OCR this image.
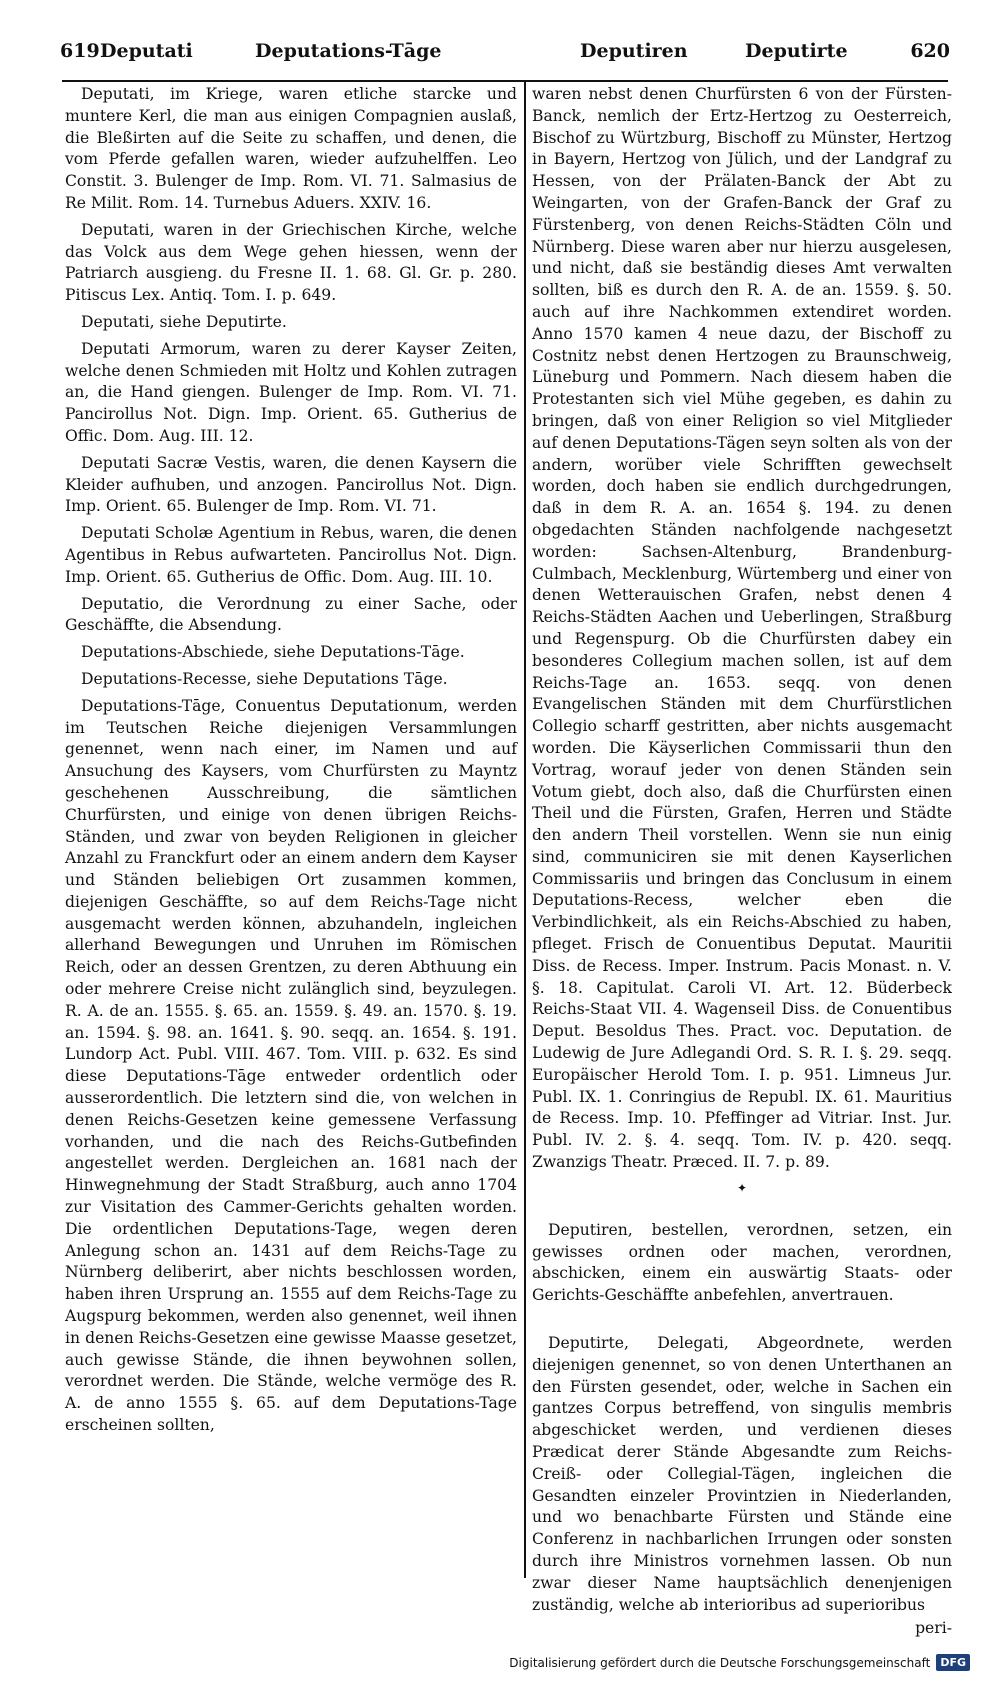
619 Deputati	Deputations-Tāge	Deputiren	Deputirte	620

Deputati, im Kriege, waren etliche starcke und muntere Kerl, die man aus einigen Compagnien auslaß, die Bleßirten auf die Seite zu schaffen, und denen, die vom Pferde gefallen waren, wieder aufzuhelffen. Leo Constit. 3. Bulenger de Imp. Rom. VI. 71. Salmasius de Re Milit. Rom. 14. Turnebus Aduers. XXIV. 16.

Deputati, waren in der Griechischen Kirche, welche das Volck aus dem Wege gehen hiessen, wenn der Patriarch ausgieng. du Fresne II. 1. 68. Gl. Gr. p. 280. Pitiscus Lex. Antiq. Tom. I. p. 649.

Deputati, siehe Deputirte.

Deputati Armorum, waren zu derer Kayser Zeiten, welche denen Schmieden mit Holtz und Kohlen zutragen an, die Hand giengen. Bulenger de Imp. Rom. VI. 71. Pancirollus Not. Dign. Imp. Orient. 65. Gutherius de Offic. Dom. Aug. III. 12.

Deputati Sacræ Vestis, waren, die denen Kaysern die Kleider aufhuben, und anzogen. Pancirollus Not. Dign. Imp. Orient. 65. Bulenger de Imp. Rom. VI. 71.

Deputati Scholæ Agentium in Rebus, waren, die denen Agentibus in Rebus aufwarteten. Pancirollus Not. Dign. Imp. Orient. 65. Gutherius de Offic. Dom. Aug. III. 10.

Deputatio, die Verordnung zu einer Sache, oder Geschäffte, die Absendung.

Deputations-Abschiede, siehe Deputations-Tāge.

Deputations-Recesse, siehe Deputations Tāge.

Deputations-Tāge, Conuentus Deputationum, werden im Teutschen Reiche diejenigen Versammlungen genennet, wenn nach einer, im Namen und auf Ansuchung des Kaysers, vom Churfürsten zu Mayntz geschehenen Ausschreibung, die sämtlichen Churfürsten, und einige von denen übrigen Reichs-Ständen, und zwar von beyden Religionen in gleicher Anzahl zu Franckfurt oder an einem andern dem Kayser und Ständen beliebigen Ort zusammen kommen, diejenigen Geschäffte, so auf dem Reichs-Tage nicht ausgemacht werden können, abzuhandeln, ingleichen allerhand Bewegungen und Unruhen im Römischen Reich, oder an dessen Grentzen, zu deren Abthuung ein oder mehrere Creise nicht zulänglich sind, beyzulegen. R. A. de an. 1555. §. 65. an. 1559. §. 49. an. 1570. §. 19. an. 1594. §. 98. an. 1641. §. 90. seqq. an. 1654. §. 191. Lundorp Act. Publ. VIII. 467. Tom. VIII. p. 632. Es sind diese Deputations-Tāge entweder ordentlich oder ausserordentlich. Die letztern sind die, von welchen in denen Reichs-Gesetzen keine gemessene Verfassung vorhanden, und die nach des Reichs-Gutbefinden angestellet werden. Dergleichen an. 1681 nach der Hinwegnehmung der Stadt Straßburg, auch anno 1704 zur Visitation des Cammer-Gerichts gehalten worden. Die ordentlichen Deputations-Tage, wegen deren Anlegung schon an. 1431 auf dem Reichs-Tage zu Nürnberg deliberirt, aber nichts beschlossen worden, haben ihren Ursprung an. 1555 auf dem Reichs-Tage zu Augspurg bekommen, werden also genennet, weil ihnen in denen Reichs-Gesetzen eine gewisse Maasse gesetzet, auch gewisse Stände, die ihnen beywohnen sollen, verordnet werden. Die Stände, welche vermöge des R. A. de anno 1555 §. 65. auf dem Deputations-Tage erscheinen sollten,

waren nebst denen Churfürsten 6 von der Fürsten-Banck, nemlich der Ertz-Hertzog zu Oesterreich, Bischof zu Würtzburg, Bischoff zu Münster, Hertzog in Bayern, Hertzog von Jülich, und der Landgraf zu Hessen, von der Prälaten-Banck der Abt zu Weingarten, von der Grafen-Banck der Graf zu Fürstenberg, von denen Reichs-Städten Cöln und Nürnberg. Diese waren aber nur hierzu ausgelesen, und nicht, daß sie beständig dieses Amt verwalten sollten, biß es durch den R. A. de an. 1559. §. 50. auch auf ihre Nachkommen extendiret worden. Anno 1570 kamen 4 neue dazu, der Bischoff zu Costnitz nebst denen Hertzogen zu Braunschweig, Lüneburg und Pommern. Nach diesem haben die Protestanten sich viel Mühe gegeben, es dahin zu bringen, daß von einer Religion so viel Mitglieder auf denen Deputations-Tägen seyn solten als von der andern, worüber viele Schrifften gewechselt worden, doch haben sie endlich durchgedrungen, daß in dem R. A. an. 1654 §. 194. zu denen obgedachten Ständen nachfolgende nachgesetzt worden: Sachsen-Altenburg, Brandenburg-Culmbach, Mecklenburg, Würtemberg und einer von denen Wetterauischen Grafen, nebst denen 4 Reichs-Städten Aachen und Ueberlingen, Straßburg und Regenspurg. Ob die Churfürsten dabey ein besonderes Collegium machen sollen, ist auf dem Reichs-Tage an. 1653. seqq. von denen Evangelischen Ständen mit dem Churfürstlichen Collegio scharff gestritten, aber nichts ausgemacht worden. Die Käyserlichen Commissarii thun den Vortrag, worauf jeder von denen Ständen sein Votum giebt, doch also, daß die Churfürsten einen Theil und die Fürsten, Grafen, Herren und Städte den andern Theil vorstellen. Wenn sie nun einig sind, communiciren sie mit denen Kayserlichen Commissariis und bringen das Conclusum in einem Deputations-Recess, welcher eben die Verbindlichkeit, als ein Reichs-Abschied zu haben, pfleget. Frisch de Conuentibus Deputat. Mauritii Diss. de Recess. Imper. Instrum. Pacis Monast. n. V. §. 18. Capitulat. Caroli VI. Art. 12. Büderbeck Reichs-Staat VII. 4. Wagenseil Diss. de Conuentibus Deput. Besoldus Thes. Pract. voc. Deputation. de Ludewig de Jure Adlegandi Ord. S. R. I. §. 29. seqq. Europäischer Herold Tom. I. p. 951. Limneus Jur. Publ. IX. 1. Conringius de Republ. IX. 61. Mauritius de Recess. Imp. 10. Pfeffinger ad Vitriar. Inst. Jur. Publ. IV. 2. §. 4. seqq. Tom. IV. p. 420. seqq. Zwanzigs Theatr. Præced. II. 7. p. 89.

✦

Deputiren, bestellen, verordnen, setzen, ein gewisses ordnen oder machen, verordnen, abschicken, einem ein auswärtig Staats- oder Gerichts-Geschäffte anbefehlen, anvertrauen.

Deputirte, Delegati, Abgeordnete, werden diejenigen genennet, so von denen Unterthanen an den Fürsten gesendet, oder, welche in Sachen ein gantzes Corpus betreffend, von singulis membris abgeschicket werden, und verdienen dieses Prædicat derer Stände Abgesandte zum Reichs-Creiß- oder Collegial-Tägen, ingleichen die Gesandten einzeler Provintzien in Niederlanden, und wo benachbarte Fürsten und Stände eine Conferenz in nachbarlichen Irrungen oder sonsten durch ihre Ministros vornehmen lassen. Ob nun zwar dieser Name hauptsächlich denenjenigen zuständig, welche ab interioribus ad superioribus

peri-

Digitalisierung gefördert durch die Deutsche Forschungsgemeinschaft DFG
